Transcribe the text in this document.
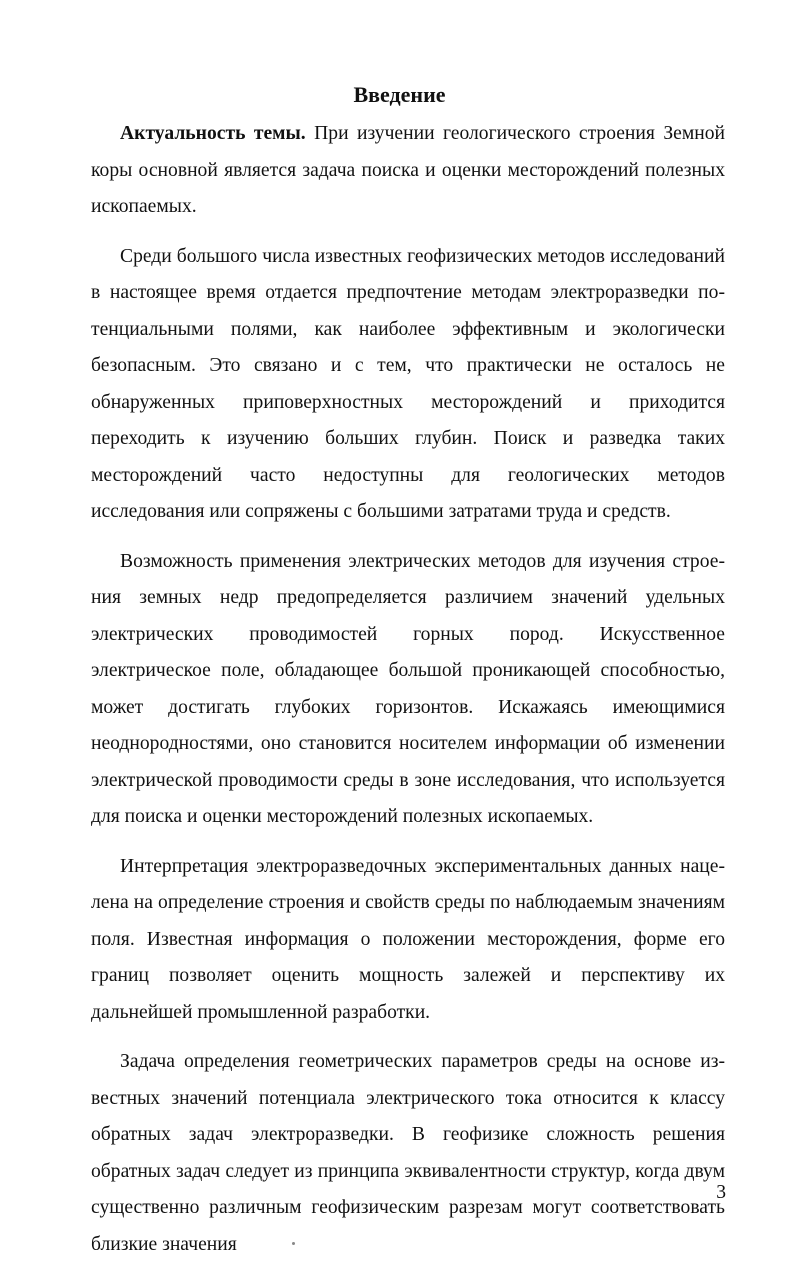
Введение

Актуальность темы. При изучении геологического строения Земной коры основной является задача поиска и оценки месторождений полезных ископаемых.

Среди большого числа известных геофизических методов исследований в настоящее время отдается предпочтение методам электроразведки потенциальными полями, как наиболее эффективным и экологически безопасным. Это связано и с тем, что практически не осталось не обнаруженных приповерхностных месторождений и приходится переходить к изучению больших глубин. Поиск и разведка таких месторождений часто недоступны для геологических методов исследования или сопряжены с большими затратами труда и средств.

Возможность применения электрических методов для изучения строения земных недр предопределяется различием значений удельных электрических проводимостей горных пород. Искусственное электрическое поле, обладающее большой проникающей способностью, может достигать глубоких горизонтов. Искажаясь имеющимися неоднородностями, оно становится носителем информации об изменении электрической проводимости среды в зоне исследования, что используется для поиска и оценки месторождений полезных ископаемых.

Интерпретация электроразведочных экспериментальных данных нацелена на определение строения и свойств среды по наблюдаемым значениям поля. Известная информация о положении месторождения, форме его границ позволяет оценить мощность залежей и перспективу их дальнейшей промышленной разработки.

Задача определения геометрических параметров среды на основе известных значений потенциала электрического тока относится к классу обратных задач электроразведки. В геофизике сложность решения обратных задач следует из принципа эквивалентности структур, когда двум существенно различным геофизическим разрезам могут соответствовать близкие значения

3
